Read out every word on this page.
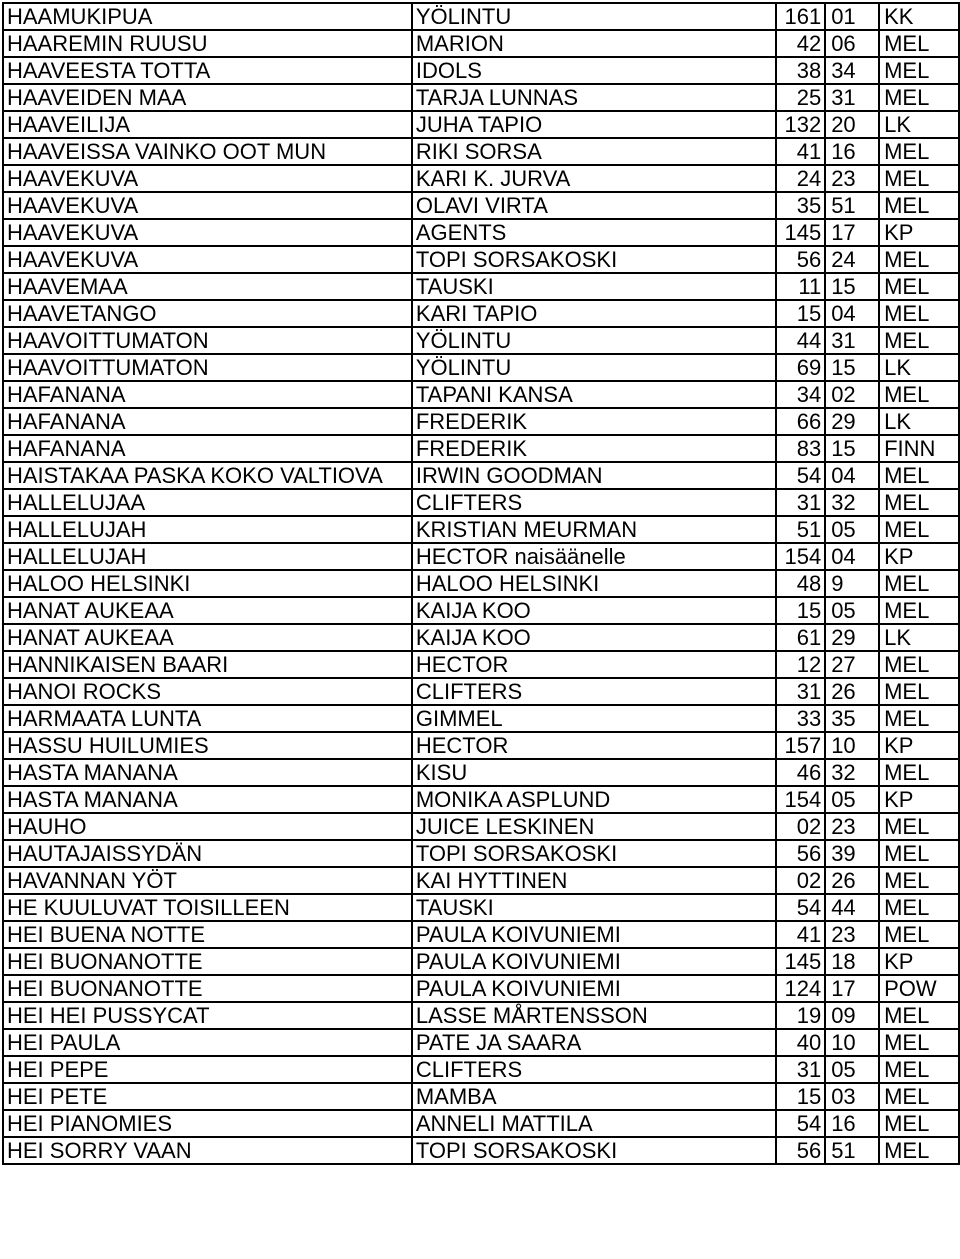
HAAMUKIPUA	YÖLINTU	161	01	KK
HAAREMIN RUUSU	MARION	42	06	MEL
HAAVEESTA TOTTA	IDOLS	38	34	MEL
HAAVEIDEN MAA	TARJA LUNNAS	25	31	MEL
HAAVEILIJA	JUHA TAPIO	132	20	LK
HAAVEISSA VAINKO OOT MUN	RIKI SORSA	41	16	MEL
HAAVEKUVA	KARI K. JURVA	24	23	MEL
HAAVEKUVA	OLAVI VIRTA	35	51	MEL
HAAVEKUVA	AGENTS	145	17	KP
HAAVEKUVA	TOPI SORSAKOSKI	56	24	MEL
HAAVEMAA	TAUSKI	11	15	MEL
HAAVETANGO	KARI TAPIO	15	04	MEL
HAAVOITTUMATON	YÖLINTU	44	31	MEL
HAAVOITTUMATON	YÖLINTU	69	15	LK
HAFANANA	TAPANI KANSA	34	02	MEL
HAFANANA	FREDERIK	66	29	LK
HAFANANA	FREDERIK	83	15	FINN
HAISTAKAA PASKA KOKO VALTIOVA	IRWIN GOODMAN	54	04	MEL
HALLELUJAA	CLIFTERS	31	32	MEL
HALLELUJAH	KRISTIAN MEURMAN	51	05	MEL
HALLELUJAH	HECTOR naisäänelle	154	04	KP
HALOO HELSINKI	HALOO HELSINKI	48	9	MEL
HANAT AUKEAA	KAIJA KOO	15	05	MEL
HANAT AUKEAA	KAIJA KOO	61	29	LK
HANNIKAISEN BAARI	HECTOR	12	27	MEL
HANOI ROCKS	CLIFTERS	31	26	MEL
HARMAATA LUNTA	GIMMEL	33	35	MEL
HASSU HUILUMIES	HECTOR	157	10	KP
HASTA MANANA	KISU	46	32	MEL
HASTA MANANA	MONIKA ASPLUND	154	05	KP
HAUHO	JUICE LESKINEN	02	23	MEL
HAUTAJAISSYDÄN	TOPI SORSAKOSKI	56	39	MEL
HAVANNAN YÖT	KAI HYTTINEN	02	26	MEL
HE KUULUVAT TOISILLEEN	TAUSKI	54	44	MEL
HEI BUENA NOTTE	PAULA KOIVUNIEMI	41	23	MEL
HEI BUONANOTTE	PAULA KOIVUNIEMI	145	18	KP
HEI BUONANOTTE	PAULA KOIVUNIEMI	124	17	POW
HEI HEI PUSSYCAT	LASSE MÅRTENSSON	19	09	MEL
HEI PAULA	PATE JA SAARA	40	10	MEL
HEI PEPE	CLIFTERS	31	05	MEL
HEI PETE	MAMBA	15	03	MEL
HEI PIANOMIES	ANNELI MATTILA	54	16	MEL
HEI SORRY VAAN	TOPI SORSAKOSKI	56	51	MEL
